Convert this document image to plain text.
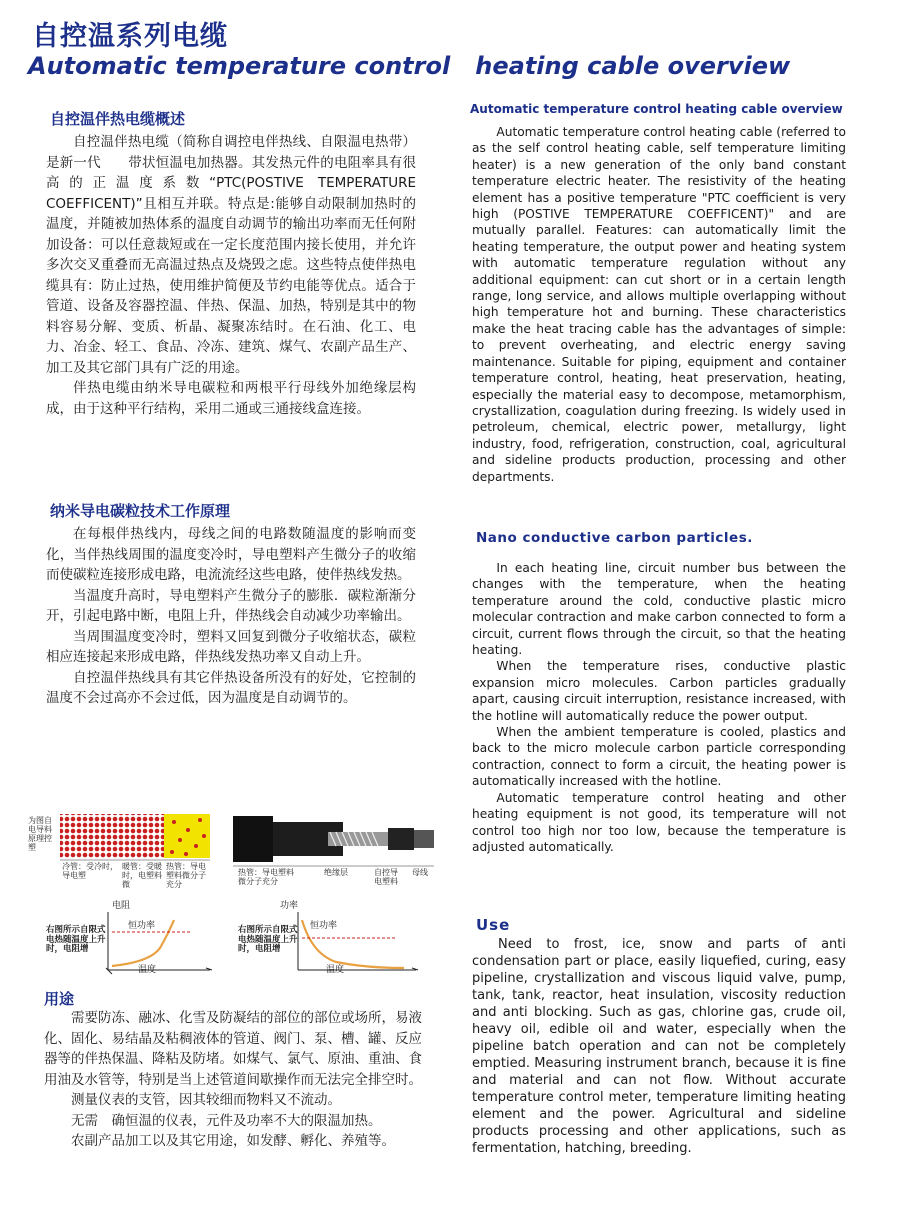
自控温系列电缆
Automatic temperature control   heating cable overview
自控温伴热电缆概述

自控温伴热电缆（简称自调控电伴热线、自限温电热带）是新一代　　带状恒温电加热器。其发热元件的电阻率具有很高的正温度系数“PTC(POSTIVE TEMPERATURE COEFFICENT)”且相互并联。特点是:能够自动限制加热时的温度，并随被加热体系的温度自动调节的输出功率而无任何附加设备：可以任意裁短或在一定长度范围内接长使用，并允许多次交叉重叠而无高温过热点及烧毁之虑。这些特点使伴热电缆具有：防止过热，使用维护简便及节约电能等优点。适合于管道、设备及容器控温、伴热、保温、加热，特别是其中的物料容易分解、变质、析晶、凝聚冻结时。在石油、化工、电力、冶金、轻工、食品、冷冻、建筑、煤气、农副产品生产、加工及其它部门具有广泛的用途。

伴热电缆由纳米导电碳粒和两根平行母线外加绝缘层构成，由于这种平行结构，采用二通或三通接线盒连接。

纳米导电碳粒技术工作原理

在每根伴热线内，母线之间的电路数随温度的影响而变化，当伴热线周围的温度变冷时，导电塑料产生微分子的收缩而使碳粒连接形成电路，电流流经这些电路，使伴热线发热。

当温度升高时，导电塑料产生微分子的膨胀．碳粒渐渐分开，引起电路中断，电阻上升，伴热线会自动减少功率输出。

当周围温度变冷时，塑料又回复到微分子收缩状态，碳粒相应连接起来形成电路，伴热线发热功率又自动上升。

自控温伴热线具有其它伴热设备所没有的好处，它控制的温度不会过高亦不会过低，因为温度是自动调节的。

为图自电导料原理控塑
冷管：受冷时，导电塑
暖管：受暖时，电塑料微
热管：导电塑料微分子充分
热管：导电塑料微分子充分
绝缘层	自控导电塑料
母线
电阻
恒功率
温度
右图所示自限式电热随温度上升时，电阻增
功率
恒功率
温度
右图所示自限式电热随温度上升时，电阻增
用途

需要防冻、融冰、化雪及防凝结的部位的部位或场所，易液化、固化、易结晶及粘稠液体的管道、阀门、泵、槽、罐、反应器等的伴热保温、降粘及防堵。如煤气、氯气、原油、重油、食用油及水管等，特别是当上述管道间歇操作而无法完全排空时。

测量仪表的支管，因其较细而物料又不流动。

无需　确恒温的仪表，元件及功率不大的限温加热。

农副产品加工以及其它用途，如发酵、孵化、养殖等。

Automatic temperature control heating cable overview

Automatic temperature control heating cable (referred to as the self control heating cable, self temperature limiting heater) is a new generation of the only band constant temperature electric heater. The resistivity of the heating element has a positive temperature "PTC coefficient is very high (POSTIVE TEMPERATURE COEFFICENT)" and are mutually parallel. Features: can automatically limit the heating temperature, the output power and heating system with automatic temperature regulation without any additional equipment: can cut short or in a certain length range, long service, and allows multiple overlapping without high temperature hot and burning. These characteristics make the heat tracing cable has the advantages of simple: to prevent overheating, and electric energy saving maintenance. Suitable for piping, equipment and container temperature control, heating, heat preservation, heating, especially the material easy to decompose, metamorphism, crystallization, coagulation during freezing. Is widely used in petroleum, chemical, electric power, metallurgy, light industry, food, refrigeration, construction, coal, agricultural and sideline products production, processing and other departments.

Nano conductive carbon particles.

In each heating line, circuit number bus between the changes with the temperature, when the heating temperature around the cold, conductive plastic micro molecular contraction and make carbon connected to form a circuit, current flows through the circuit, so that the heating heating.

When the temperature rises, conductive plastic expansion micro molecules. Carbon particles gradually apart, causing circuit interruption, resistance increased, with the hotline will automatically reduce the power output.

When the ambient temperature is cooled, plastics and back to the micro molecule carbon particle corresponding contraction, connect to form a circuit, the heating power is automatically increased with the hotline.

Automatic temperature control heating and other heating equipment is not good, its temperature will not control too high nor too low, because the temperature is adjusted automatically.

Use

Need to frost, ice, snow and parts of anti condensation part or place, easily liquefied, curing, easy pipeline, crystallization and viscous liquid valve, pump, tank, tank, reactor, heat insulation, viscosity reduction and anti blocking. Such as gas, chlorine gas, crude oil, heavy oil, edible oil and water, especially when the pipeline batch operation and can not be completely emptied. Measuring instrument branch, because it is fine and material and can not flow. Without accurate temperature control meter, temperature limiting heating element and the power. Agricultural and sideline products processing and other applications, such as fermentation, hatching, breeding.
